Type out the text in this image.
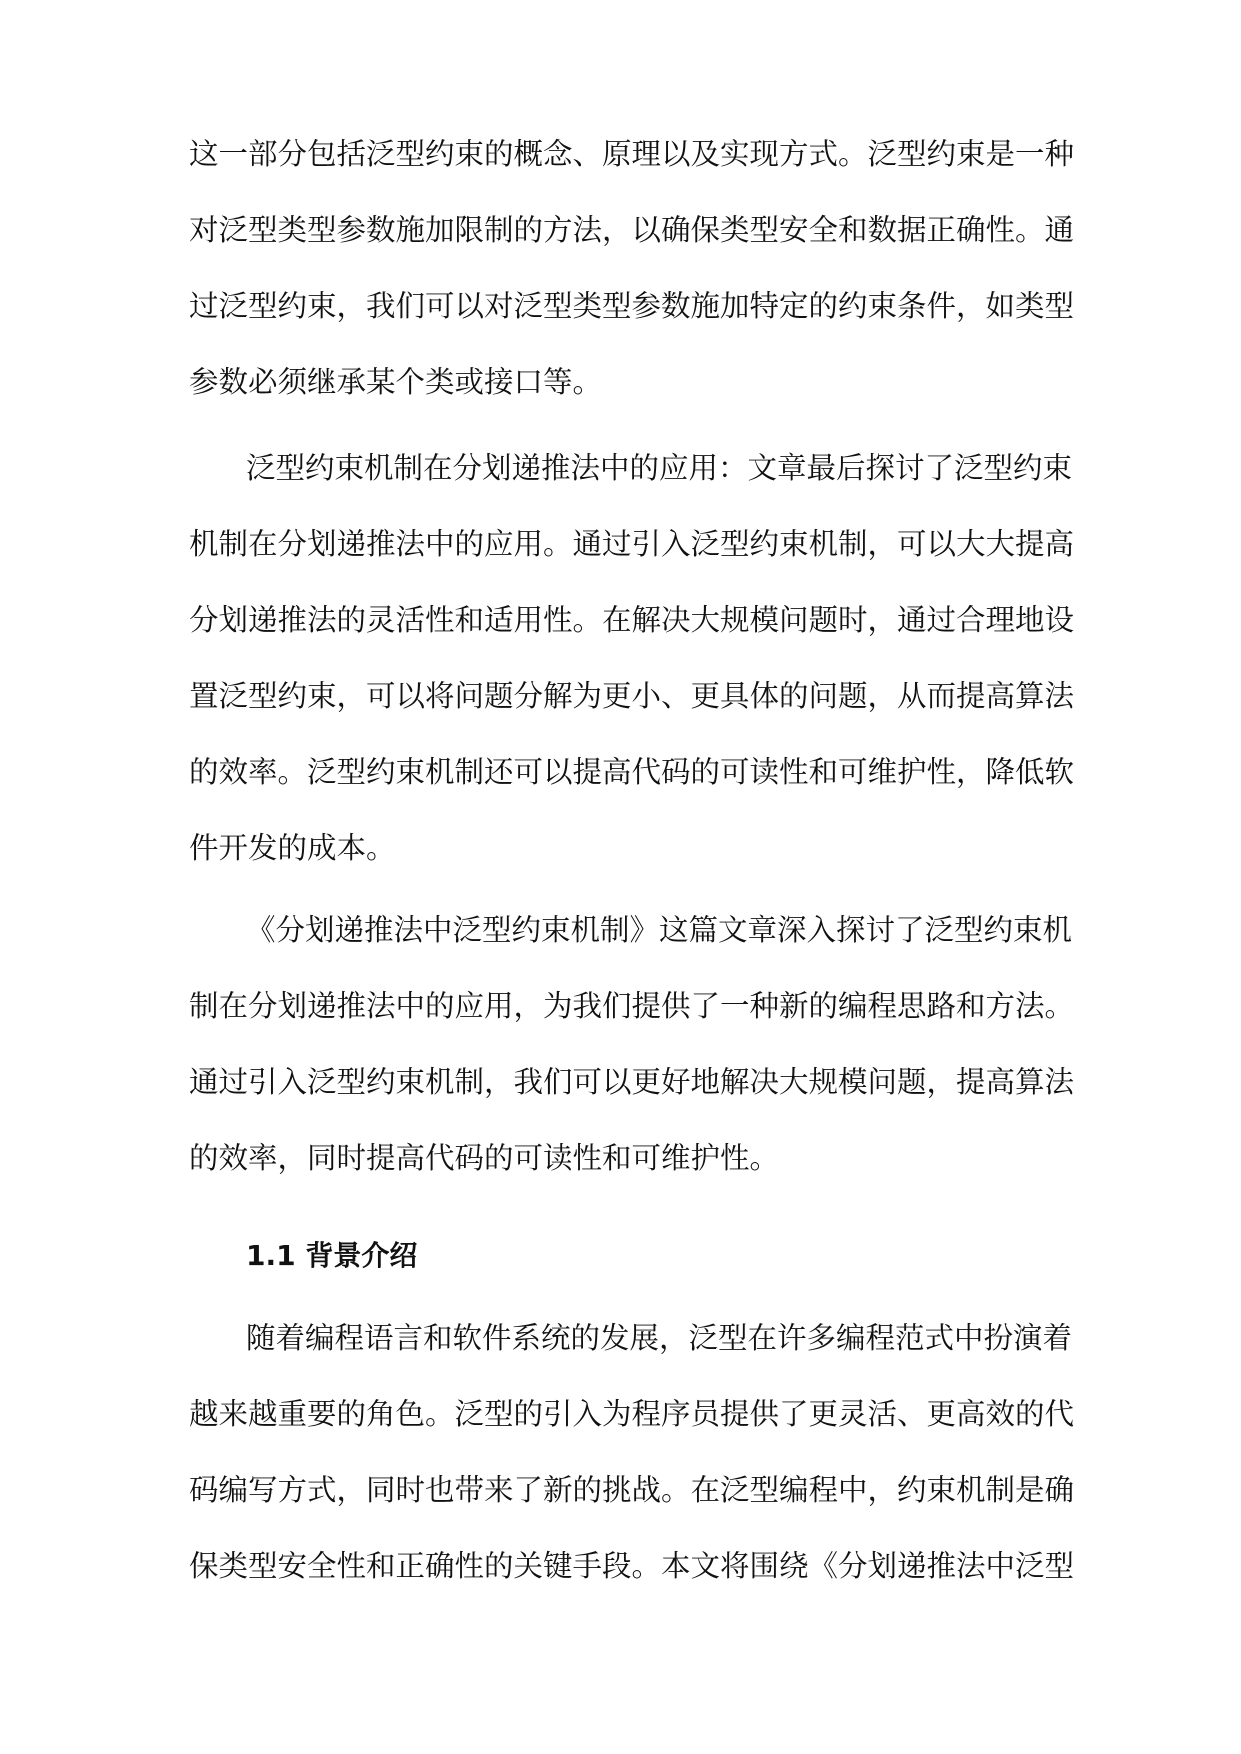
这一部分包括泛型约束的概念、原理以及实现方式。泛型约束是一种
对泛型类型参数施加限制的方法，以确保类型安全和数据正确性。通
过泛型约束，我们可以对泛型类型参数施加特定的约束条件，如类型
参数必须继承某个类或接口等。
泛型约束机制在分划递推法中的应用：文章最后探讨了泛型约束
机制在分划递推法中的应用。通过引入泛型约束机制，可以大大提高
分划递推法的灵活性和适用性。在解决大规模问题时，通过合理地设
置泛型约束，可以将问题分解为更小、更具体的问题，从而提高算法
的效率。泛型约束机制还可以提高代码的可读性和可维护性，降低软
件开发的成本。
《分划递推法中泛型约束机制》这篇文章深入探讨了泛型约束机
制在分划递推法中的应用，为我们提供了一种新的编程思路和方法。
通过引入泛型约束机制，我们可以更好地解决大规模问题，提高算法
的效率，同时提高代码的可读性和可维护性。
1.1 背景介绍
随着编程语言和软件系统的发展，泛型在许多编程范式中扮演着
越来越重要的角色。泛型的引入为程序员提供了更灵活、更高效的代
码编写方式，同时也带来了新的挑战。在泛型编程中，约束机制是确
保类型安全性和正确性的关键手段。本文将围绕《分划递推法中泛型
